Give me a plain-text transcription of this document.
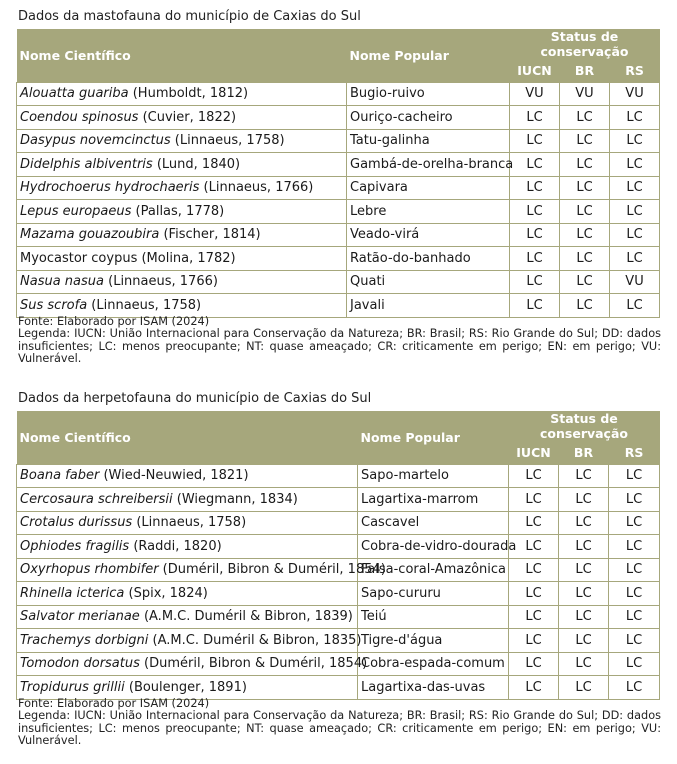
Dados da mastofauna do município de Caxias do Sul
Nome Científico	Nome Popular	Status de conservação		
		IUCN	BR	RS
Alouatta guariba (Humboldt, 1812)	Bugio-ruivo	VU	VU	VU
Coendou spinosus (Cuvier, 1822)	Ouriço-cacheiro	LC	LC	LC
Dasypus novemcinctus (Linnaeus, 1758)	Tatu-galinha	LC	LC	LC
Didelphis albiventris (Lund, 1840)	Gambá-de-orelha-branca	LC	LC	LC
Hydrochoerus hydrochaeris (Linnaeus, 1766)	Capivara	LC	LC	LC
Lepus europaeus (Pallas, 1778)	Lebre	LC	LC	LC
Mazama gouazoubira (Fischer, 1814)	Veado-virá	LC	LC	LC
Myocastor coypus (Molina, 1782)	Ratão-do-banhado	LC	LC	LC
Nasua nasua (Linnaeus, 1766)	Quati	LC	LC	VU
Sus scrofa (Linnaeus, 1758)	Javali	LC	LC	LC

Fonte: Elaborado por ISAM (2024)

Legenda: IUCN: União Internacional para Conservação da Natureza; BR: Brasil; RS: Rio Grande do Sul; DD: dados insuficientes; LC: menos preocupante; NT: quase ameaçado; CR: criticamente em perigo; EN: em perigo; VU: Vulnerável.

Dados da herpetofauna do município de Caxias do Sul
Nome Científico	Nome Popular	Status de conservação		
		IUCN	BR	RS
Boana faber (Wied-Neuwied, 1821)	Sapo-martelo	LC	LC	LC
Cercosaura schreibersii (Wiegmann, 1834)	Lagartixa-marrom	LC	LC	LC
Crotalus durissus (Linnaeus, 1758)	Cascavel	LC	LC	LC
Ophiodes fragilis (Raddi, 1820)	Cobra-de-vidro-dourada	LC	LC	LC
Oxyrhopus rhombifer (Duméril, Bibron & Duméril, 1854)	Falsa-coral-Amazônica	LC	LC	LC
Rhinella icterica (Spix, 1824)	Sapo-cururu	LC	LC	LC
Salvator merianae (A.M.C. Duméril & Bibron, 1839)	Teiú	LC	LC	LC
Trachemys dorbigni (A.M.C. Duméril & Bibron, 1835)	Tigre-d'água	LC	LC	LC
Tomodon dorsatus (Duméril, Bibron & Duméril, 1854)	Cobra-espada-comum	LC	LC	LC
Tropidurus grillii (Boulenger, 1891)	Lagartixa-das-uvas	LC	LC	LC

Fonte: Elaborado por ISAM (2024)

Legenda: IUCN: União Internacional para Conservação da Natureza; BR: Brasil; RS: Rio Grande do Sul; DD: dados insuficientes; LC: menos preocupante; NT: quase ameaçado; CR: criticamente em perigo; EN: em perigo; VU: Vulnerável.
